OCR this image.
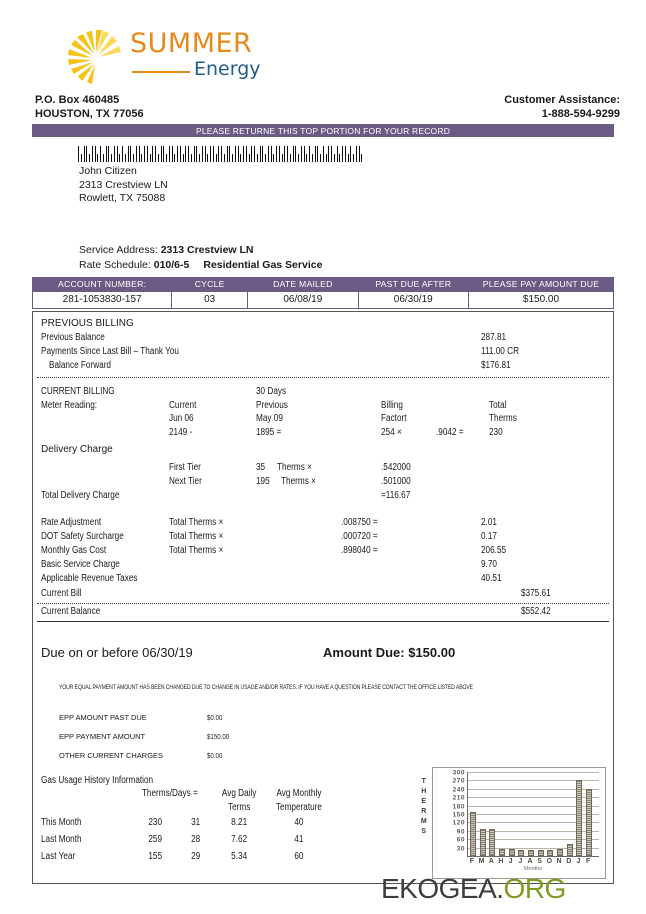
SUMMER
Energy
P.O. Box 460485
HOUSTON, TX 77056
Customer Assistance:
1-888-594-9299
PLEASE RETURNE THIS TOP PORTION FOR YOUR RECORD
John Citizen
2313 Crestview LN
Rowlett, TX 75088
Service Address: 2313 Crestview LN
Rate Schedule: 010/6-5 Residential Gas Service
ACCOUNT NUMBER:	CYCLE	DATE MAILED	PAST DUE AFTER	PLEASE PAY AMOUNT DUE
281-1053830-157	03	06/08/19	06/30/19	$150.00
PREVIOUS BILLING
Previous Balance	287.81
Payments Since Last Bill – Thank You	111.00 CR
Balance Forward	$176.81
CURRENT BILLING	30 Days
Meter Reading:	Current	Previous	Billing	Total
Jun 06	May 09	Factort	Therms
2149 -	1895 =	254 ×	.9042 =	230
Delivery Charge
First Tier	35 Therms ×	.542000
Next Tier	195 Therms ×	.501000
Total Delivery Charge	=116.67
Rate Adjustment	Total Therms ×	.008750 =	2.01
DOT Safety Surcharge	Total Therms ×	.000720 =	0.17
Monthly Gas Cost	Total Therms ×	.898040 =	206.55
Basic Service Charge	9.70
Applicable Revenue Taxes	40.51
Current Bill	$375.61
Current Balance	$552.42
Due on or before 06/30/19	Amount Due: $150.00
YOUR EQUAL PAYMENT AMOUNT HAS BEEN CHANGED DUE TO CHANGE IN USAGE AND/OR RATES. IF YOU HAVE A QUESTION PLEASE CONTACT THE OFFICE LISTED ABOVE
EPP AMOUNT PAST DUE	$0.00
EPP PAYMENT AMOUNT	$150.00
OTHER CURRENT CHARGES	$0.00
Gas Usage History Information
	Therms/Days =		Avg Daily	Avg Monthly
			Terms	Temperature
This Month	230	31	8.21	40
Last Month	259	28	7.62	41
Last Year	155	29	5.34	60
T
H
E
R
M
S
30
60
90
120
150
180
210
240
270
300
F M A H J J A S O N D J F
Months
EKOGEA.ORG
